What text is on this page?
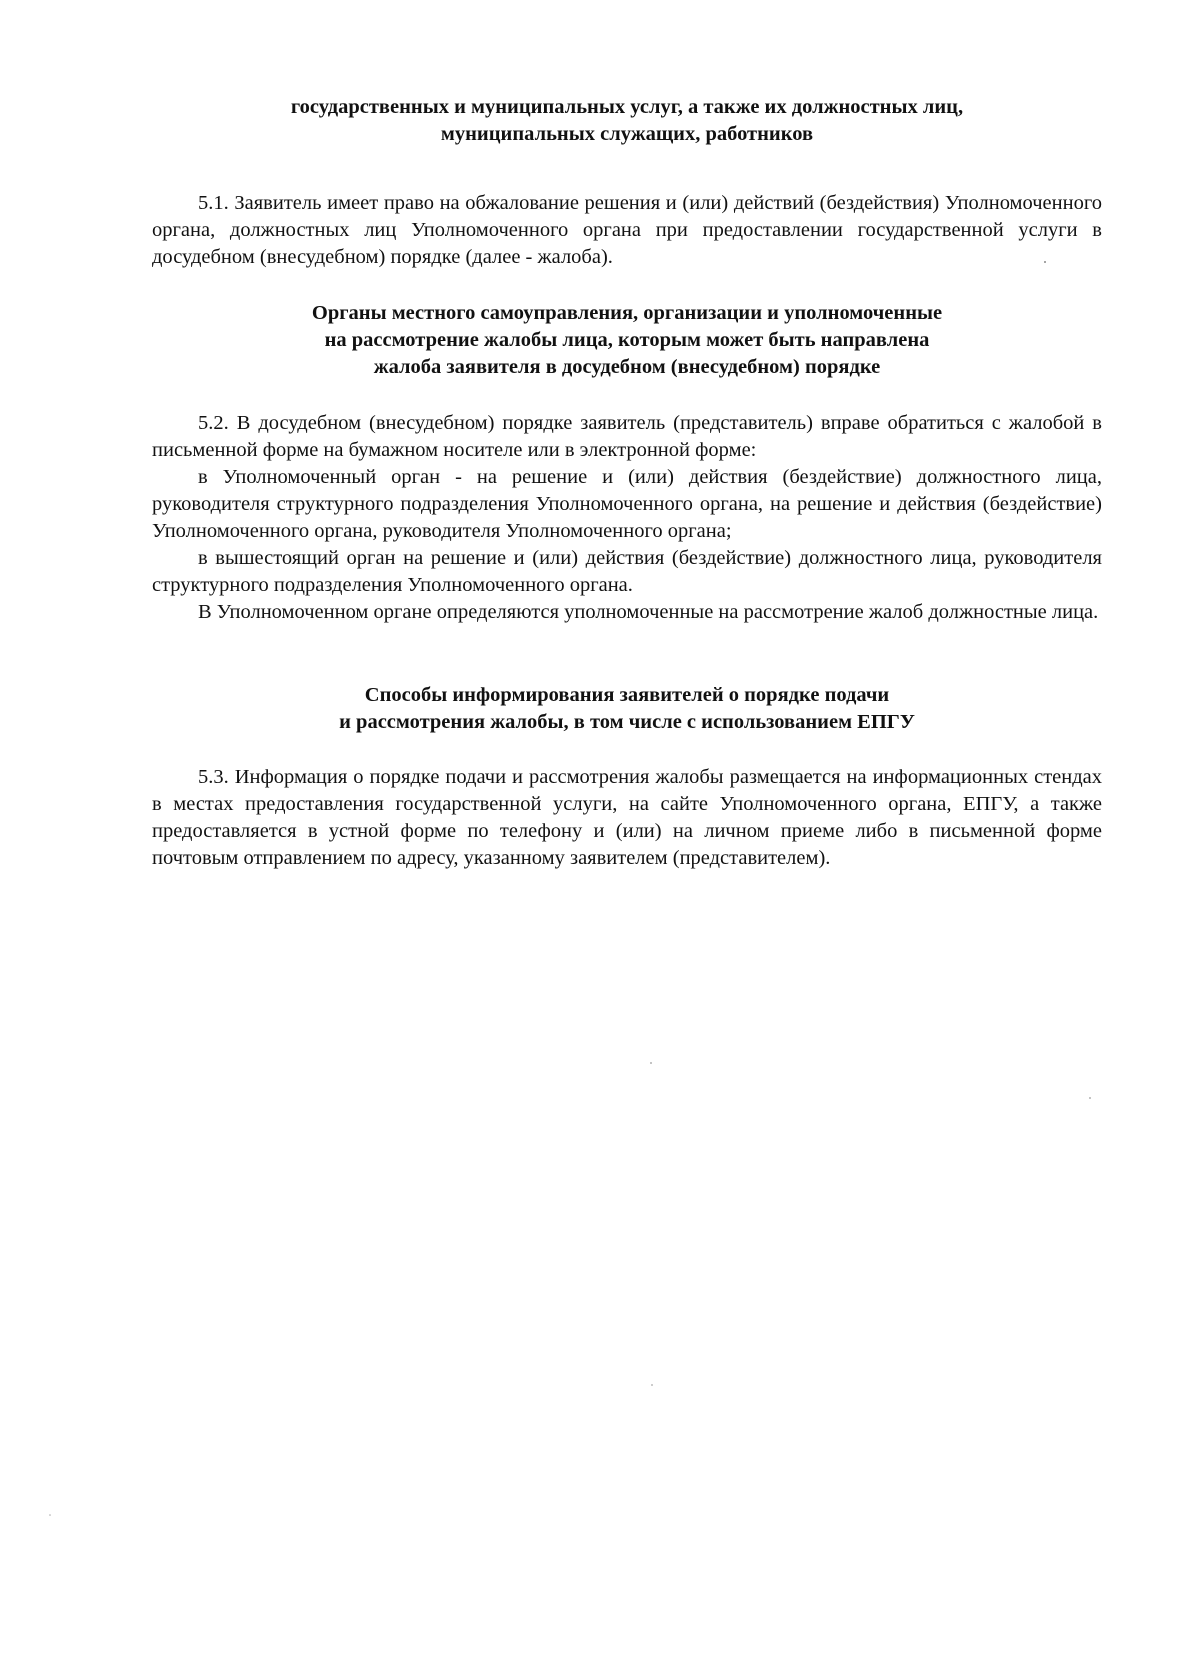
государственных и муниципальных услуг, а также их должностных лиц,
муниципальных служащих, работников

5.1. Заявитель имеет право на обжалование решения и (или) действий (бездействия) Уполномоченного органа, должностных лиц Уполномоченного органа при предоставлении государственной услуги в досудебном (внесудебном) порядке (далее - жалоба).

Органы местного самоуправления, организации и уполномоченные
на рассмотрение жалобы лица, которым может быть направлена
жалоба заявителя в досудебном (внесудебном) порядке

5.2. В досудебном (внесудебном) порядке заявитель (представитель) вправе обратиться с жалобой в письменной форме на бумажном носителе или в электронной форме:

в Уполномоченный орган - на решение и (или) действия (бездействие) должностного лица, руководителя структурного подразделения Уполномоченного органа, на решение и действия (бездействие) Уполномоченного органа, руководителя Уполномоченного органа;

в вышестоящий орган на решение и (или) действия (бездействие) должностного лица, руководителя структурного подразделения Уполномоченного органа.

В Уполномоченном органе определяются уполномоченные на рассмотрение жалоб должностные лица.

Способы информирования заявителей о порядке подачи
и рассмотрения жалобы, в том числе с использованием ЕПГУ

5.3. Информация о порядке подачи и рассмотрения жалобы размещается на информационных стендах в местах предоставления государственной услуги, на сайте Уполномоченного органа, ЕПГУ, а также предоставляется в устной форме по телефону и (или) на личном приеме либо в письменной форме почтовым отправлением по адресу, указанному заявителем (представителем).
